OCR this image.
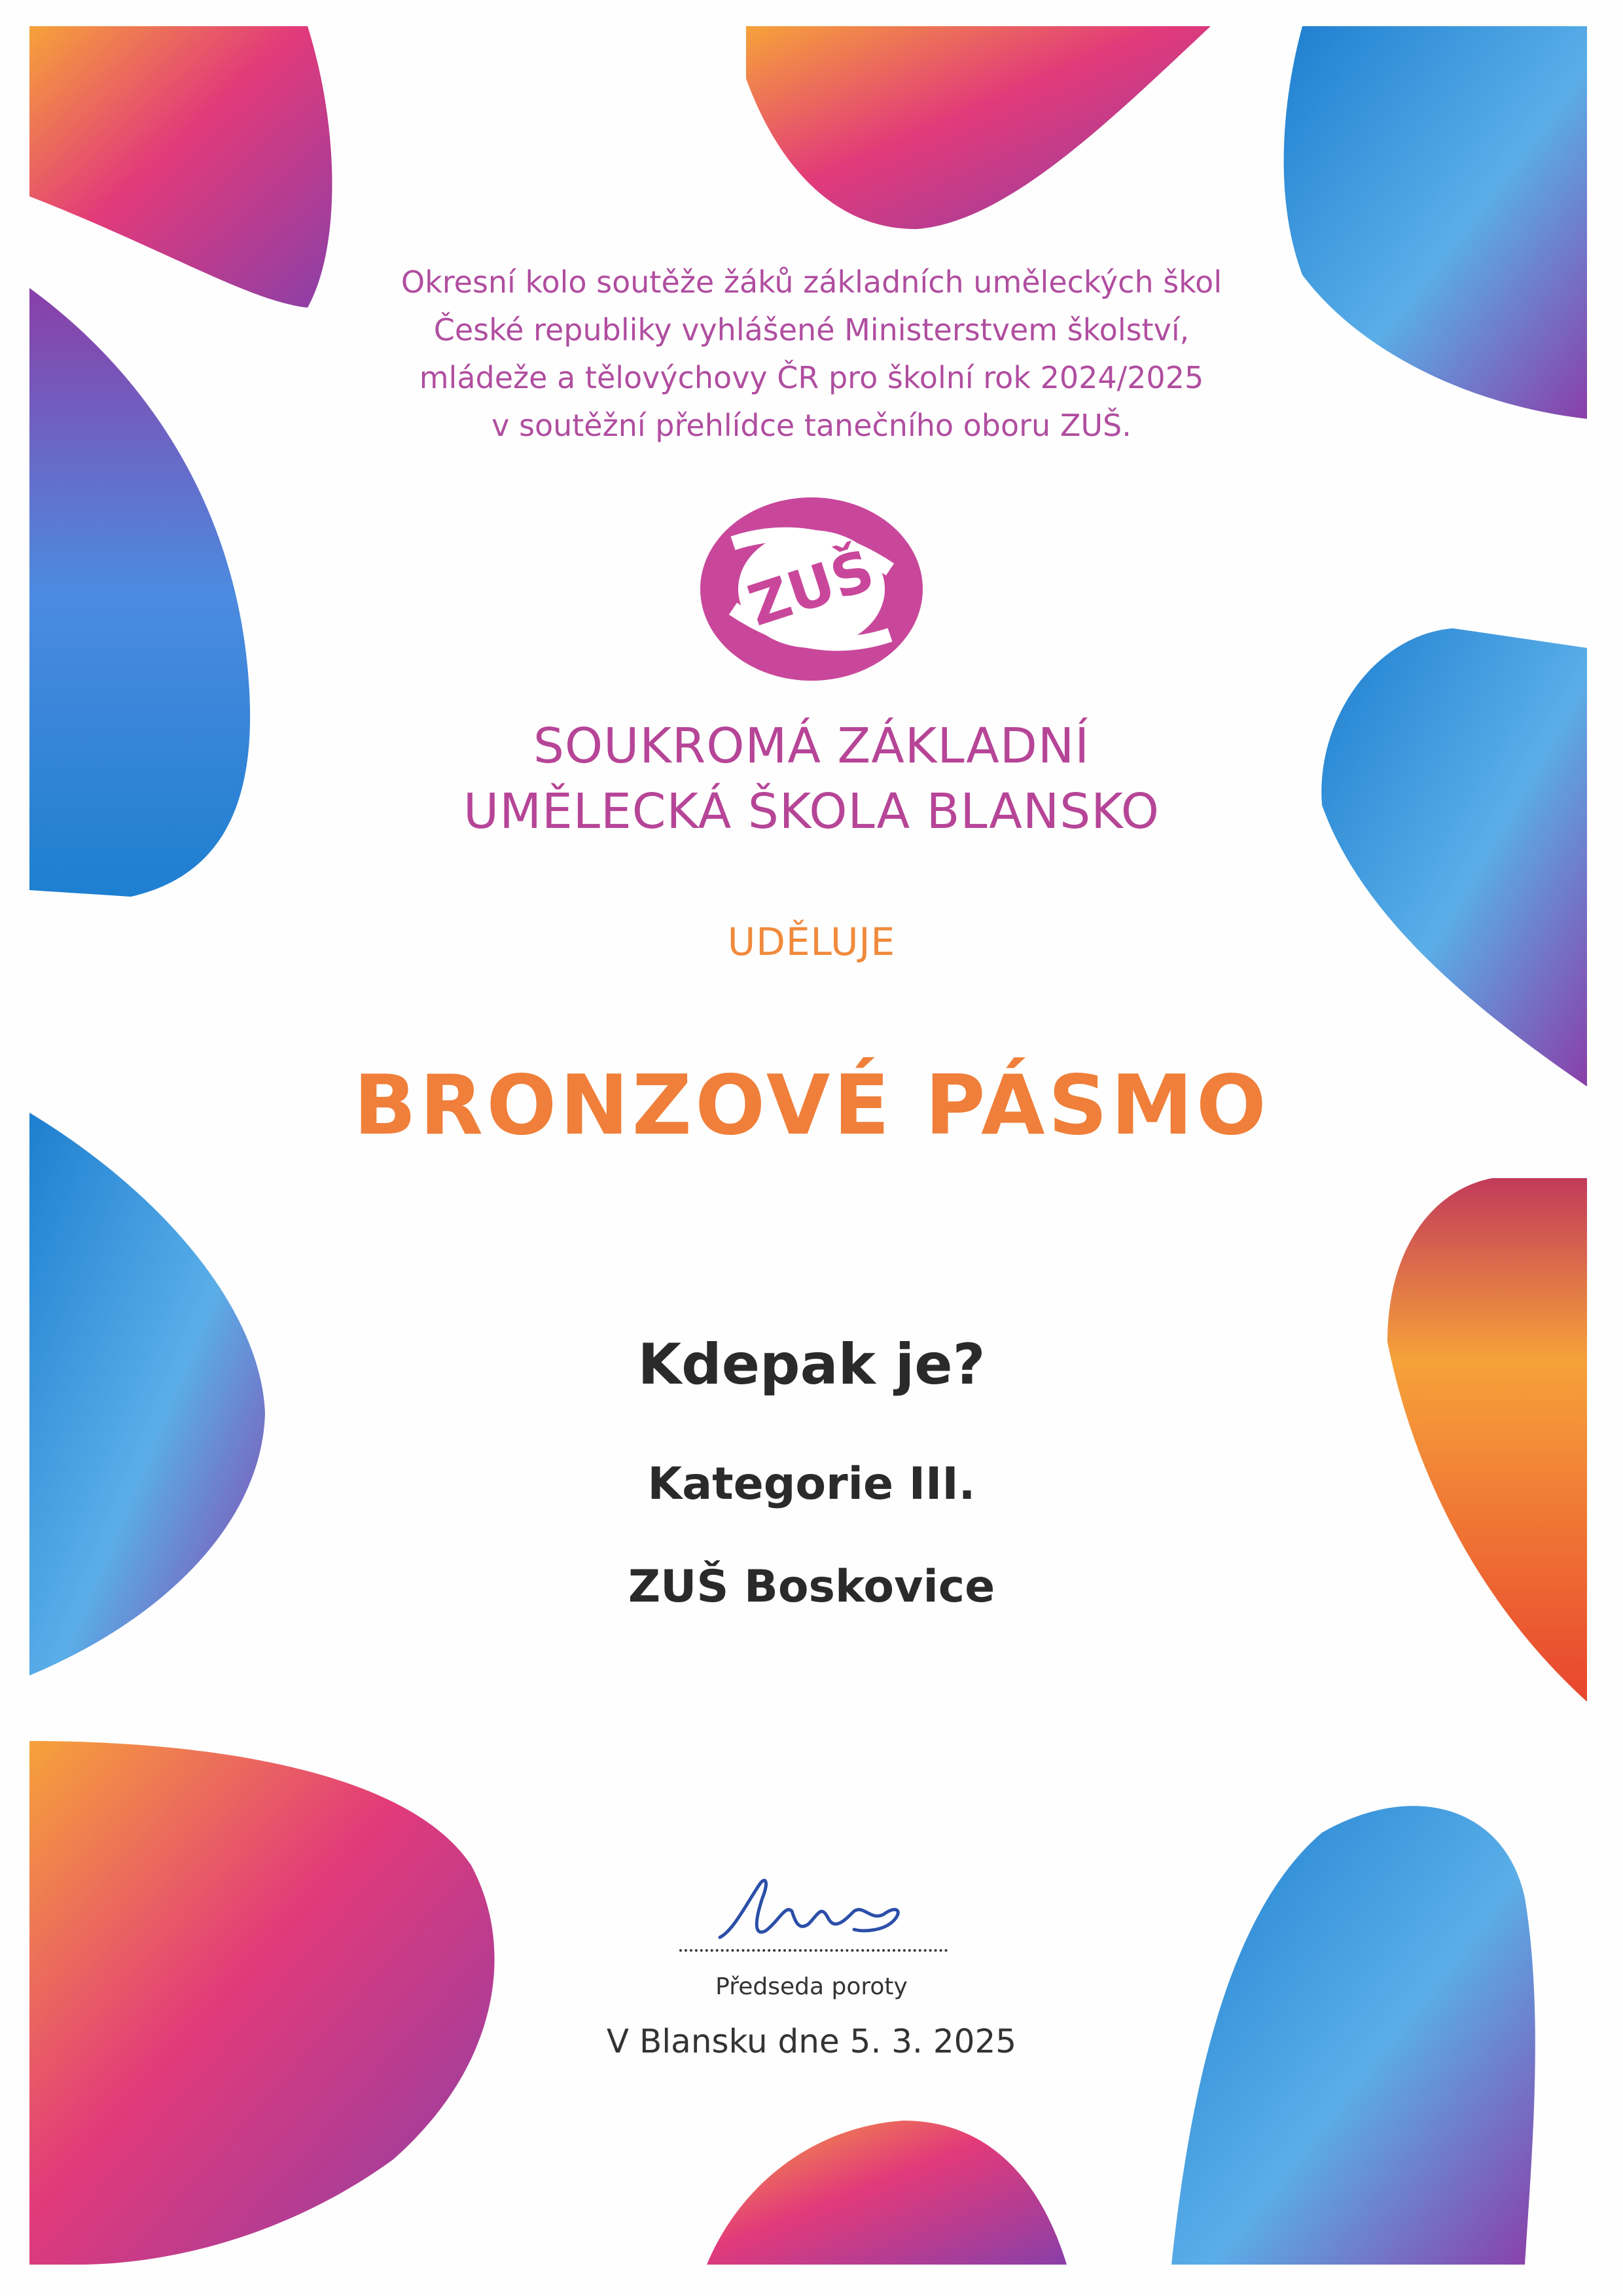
Okresní kolo soutěže žáků základních uměleckých škol
České republiky vyhlášené Ministerstvem školství,
mládeže a tělovýchovy ČR pro školní rok 2024/2025
v soutěžní přehlídce tanečního oboru ZUŠ.
ZUŠ
SOUKROMÁ ZÁKLADNÍ
UMĚLECKÁ ŠKOLA BLANSKO
UDĚLUJE
BRONZOVÉ PÁSMO
Kdepak je?
Kategorie III.
ZUŠ Boskovice
Předseda poroty
V Blansku dne 5. 3. 2025
